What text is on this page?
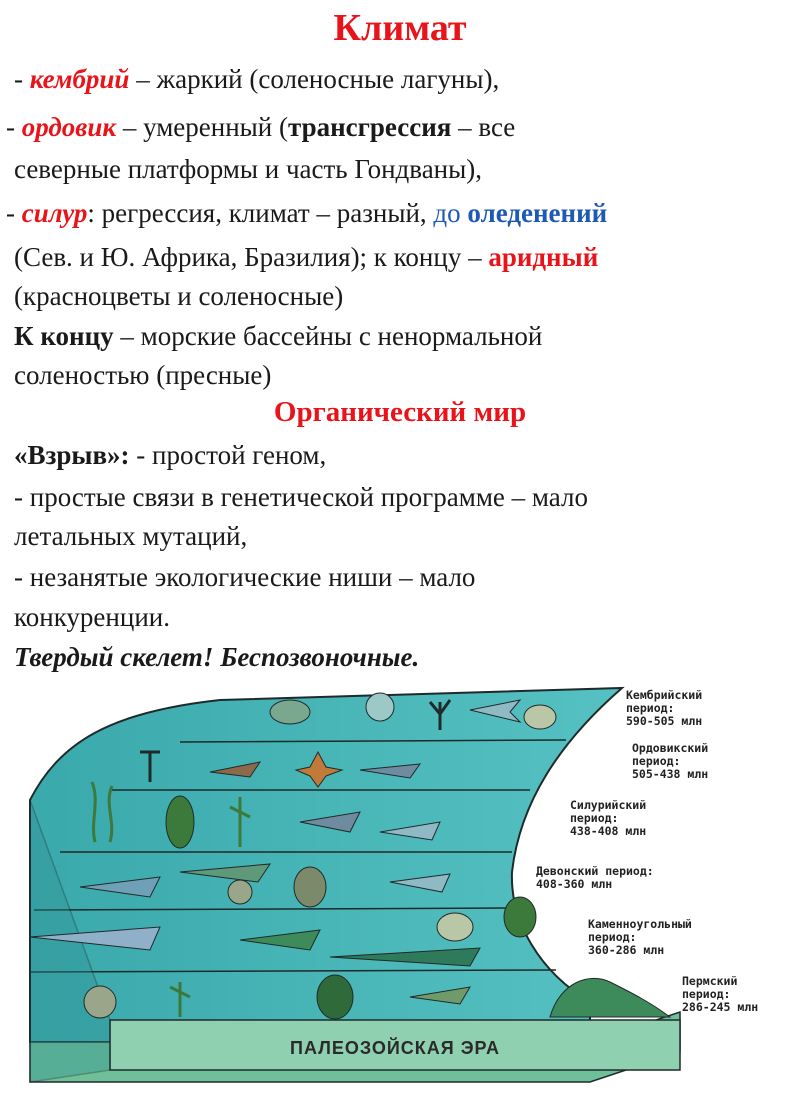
Климат
- кембрий – жаркий (соленосные лагуны),
- ордовик – умеренный (трансгрессия – все
северные платформы и часть Гондваны),
- силур: регрессия, климат – разный, до оледенений
(Сев. и Ю. Африка, Бразилия); к концу – аридный
(красноцветы и соленосные)
К концу – морские бассейны с ненормальной
соленостью (пресные)
Органический мир
«Взрыв»: - простой геном,
- простые связи в генетической программе – мало
летальных мутаций,
- незанятые экологические ниши – мало
конкуренции.
Твердый скелет! Беспозвоночные.
ПАЛЕОЗОЙСКАЯ ЭРА
Кембрийский
период:
590-505 млн
Ордовикский
период:
505-438 млн
Силурийский
период:
438-408 млн
Девонский период:
408-360 млн
Каменноугольный
период:
360-286 млн
Пермский
период:
286-245 млн
